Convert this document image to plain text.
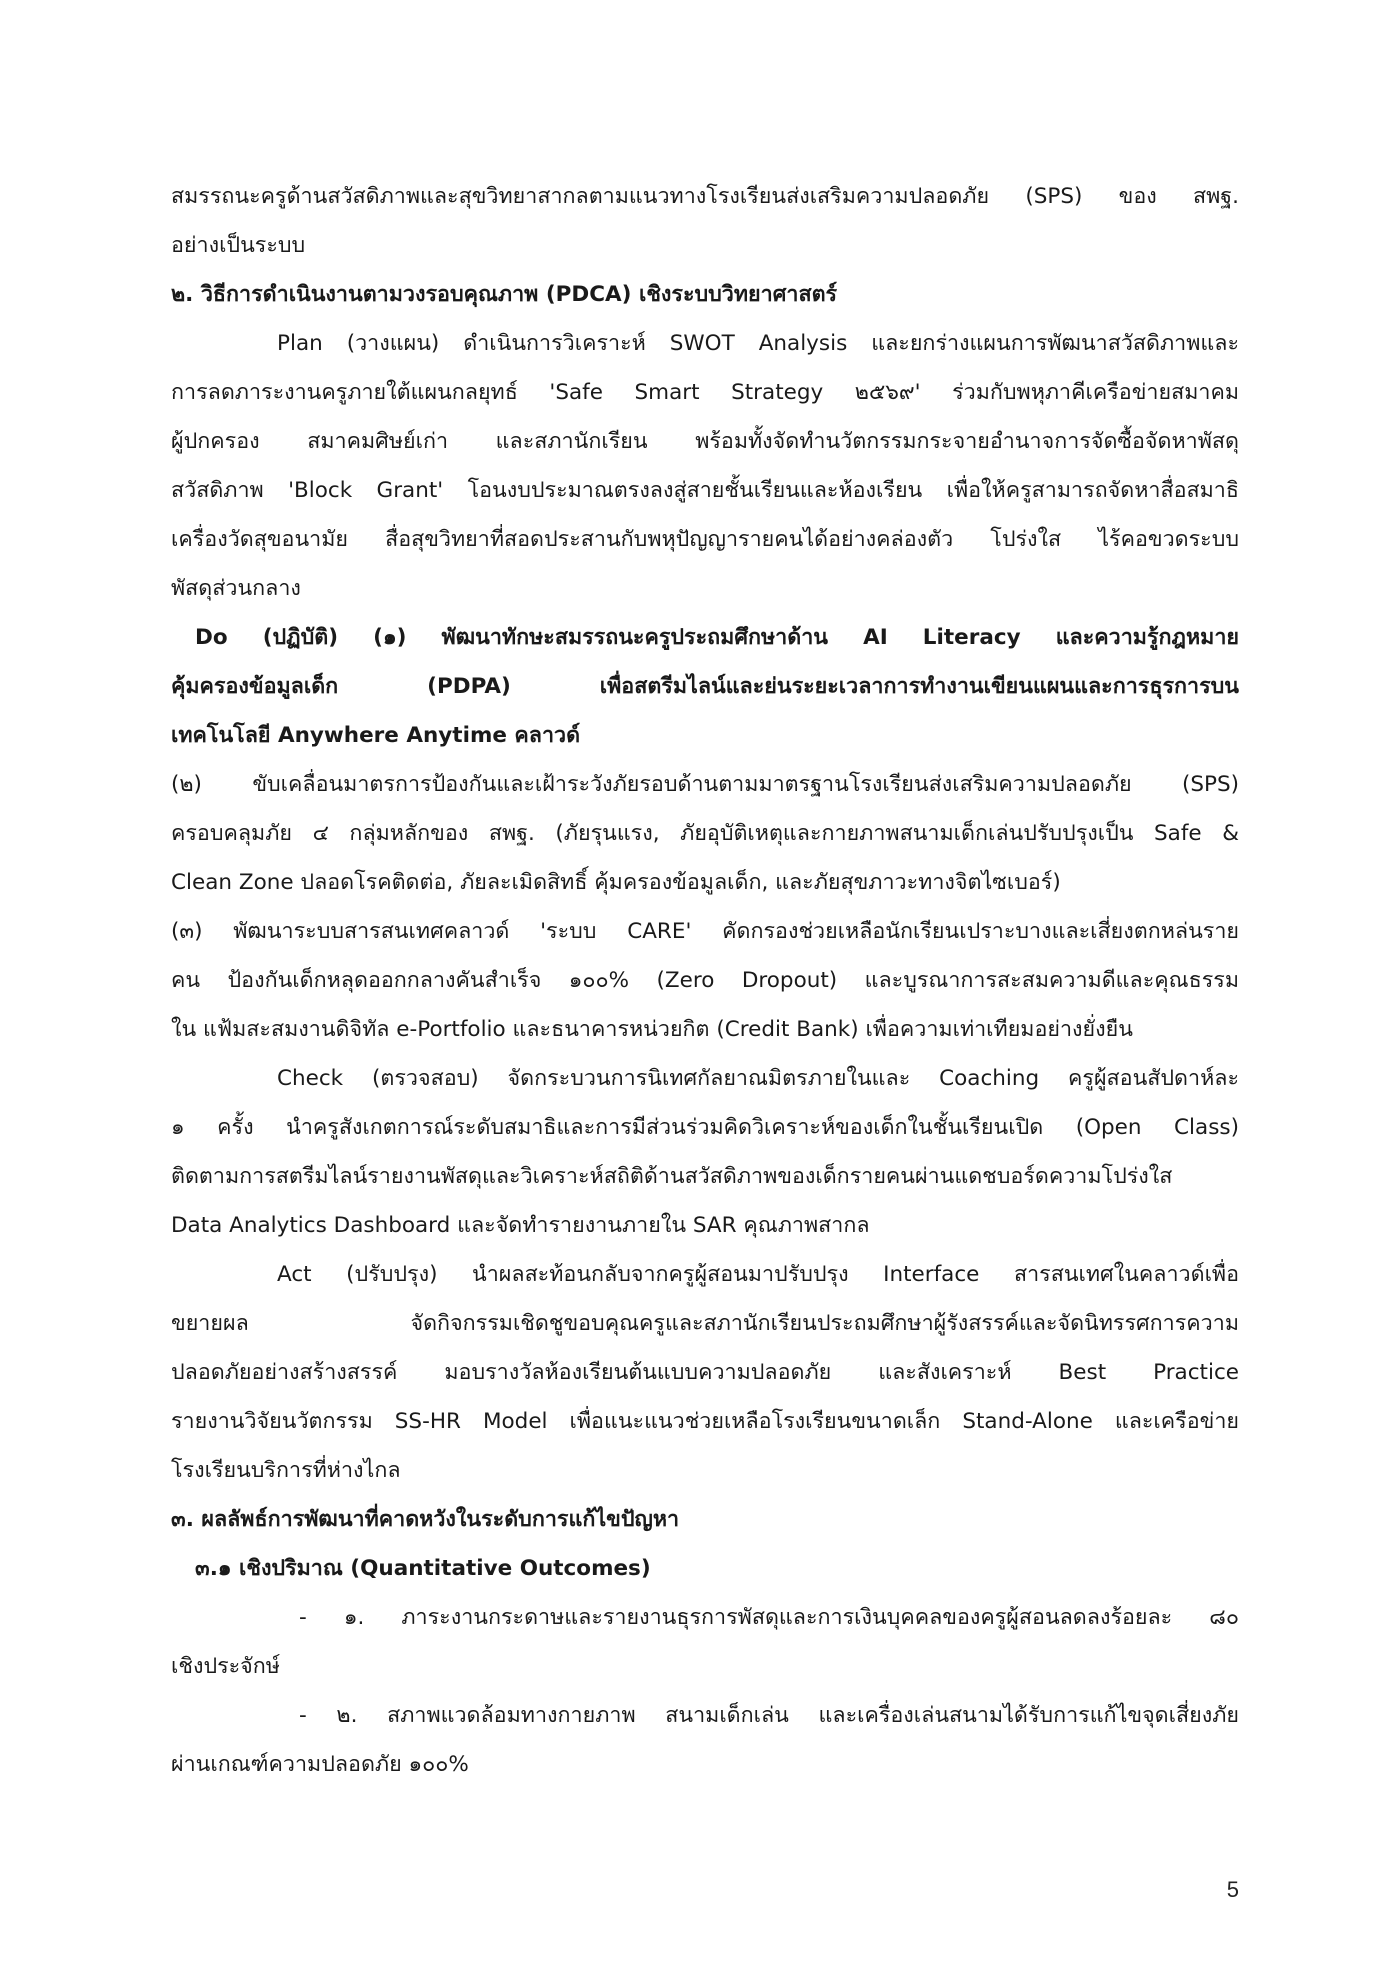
สมรรถนะครูด้านสวัสดิภาพและสุขวิทยาสากลตามแนวทางโรงเรียนส่งเสริมความปลอดภัย (SPS) ของ สพฐ.
อย่างเป็นระบบ
๒. วิธีการดำเนินงานตามวงรอบคุณภาพ (PDCA) เชิงระบบวิทยาศาสตร์
Plan (วางแผน) ดำเนินการวิเคราะห์ SWOT Analysis และยกร่างแผนการพัฒนาสวัสดิภาพและ
การลดภาระงานครูภายใต้แผนกลยุทธ์ 'Safe Smart Strategy ๒๕๖๙' ร่วมกับพหุภาคีเครือข่ายสมาคม
ผู้ปกครอง สมาคมศิษย์เก่า และสภานักเรียน พร้อมทั้งจัดทำนวัตกรรมกระจายอำนาจการจัดซื้อจัดหาพัสดุ
สวัสดิภาพ 'Block Grant' โอนงบประมาณตรงลงสู่สายชั้นเรียนและห้องเรียน เพื่อให้ครูสามารถจัดหาสื่อสมาธิ
เครื่องวัดสุขอนามัย สื่อสุขวิทยาที่สอดประสานกับพหุปัญญารายคนได้อย่างคล่องตัว โปร่งใส ไร้คอขวดระบบ
พัสดุส่วนกลาง
Do (ปฏิบัติ) (๑) พัฒนาทักษะสมรรถนะครูประถมศึกษาด้าน AI Literacy และความรู้กฎหมาย
คุ้มครองข้อมูลเด็ก (PDPA) เพื่อสตรีมไลน์และย่นระยะเวลาการทำงานเขียนแผนและการธุรการบน
เทคโนโลยี Anywhere Anytime คลาวด์
(๒) ขับเคลื่อนมาตรการป้องกันและเฝ้าระวังภัยรอบด้านตามมาตรฐานโรงเรียนส่งเสริมความปลอดภัย (SPS)
ครอบคลุมภัย ๔ กลุ่มหลักของ สพฐ. (ภัยรุนแรง, ภัยอุบัติเหตุและกายภาพสนามเด็กเล่นปรับปรุงเป็น Safe &
Clean Zone ปลอดโรคติดต่อ, ภัยละเมิดสิทธิ์ คุ้มครองข้อมูลเด็ก, และภัยสุขภาวะทางจิตไซเบอร์)
(๓) พัฒนาระบบสารสนเทศคลาวด์ 'ระบบ CARE' คัดกรองช่วยเหลือนักเรียนเปราะบางและเสี่ยงตกหล่นราย
คน ป้องกันเด็กหลุดออกกลางคันสำเร็จ ๑๐๐% (Zero Dropout) และบูรณาการสะสมความดีและคุณธรรม
ใน แฟ้มสะสมงานดิจิทัล e-Portfolio และธนาคารหน่วยกิต (Credit Bank) เพื่อความเท่าเทียมอย่างยั่งยืน
Check (ตรวจสอบ) จัดกระบวนการนิเทศกัลยาณมิตรภายในและ Coaching ครูผู้สอนสัปดาห์ละ
๑ ครั้ง นำครูสังเกตการณ์ระดับสมาธิและการมีส่วนร่วมคิดวิเคราะห์ของเด็กในชั้นเรียนเปิด (Open Class)
ติดตามการสตรีมไลน์รายงานพัสดุและวิเคราะห์สถิติด้านสวัสดิภาพของเด็กรายคนผ่านแดชบอร์ดความโปร่งใส
Data Analytics Dashboard และจัดทำรายงานภายใน SAR คุณภาพสากล
Act (ปรับปรุง) นำผลสะท้อนกลับจากครูผู้สอนมาปรับปรุง Interface สารสนเทศในคลาวด์เพื่อ
ขยายผล จัดกิจกรรมเชิดชูขอบคุณครูและสภานักเรียนประถมศึกษาผู้รังสรรค์และจัดนิทรรศการความ
ปลอดภัยอย่างสร้างสรรค์ มอบรางวัลห้องเรียนต้นแบบความปลอดภัย และสังเคราะห์ Best Practice
รายงานวิจัยนวัตกรรม SS-HR Model เพื่อแนะแนวช่วยเหลือโรงเรียนขนาดเล็ก Stand-Alone และเครือข่าย
โรงเรียนบริการที่ห่างไกล
๓. ผลลัพธ์การพัฒนาที่คาดหวังในระดับการแก้ไขปัญหา
๓.๑ เชิงปริมาณ (Quantitative Outcomes)
- ๑. ภาระงานกระดาษและรายงานธุรการพัสดุและการเงินบุคคลของครูผู้สอนลดลงร้อยละ ๘๐
เชิงประจักษ์
- ๒. สภาพแวดล้อมทางกายภาพ สนามเด็กเล่น และเครื่องเล่นสนามได้รับการแก้ไขจุดเสี่ยงภัย
ผ่านเกณฑ์ความปลอดภัย ๑๐๐%
5
